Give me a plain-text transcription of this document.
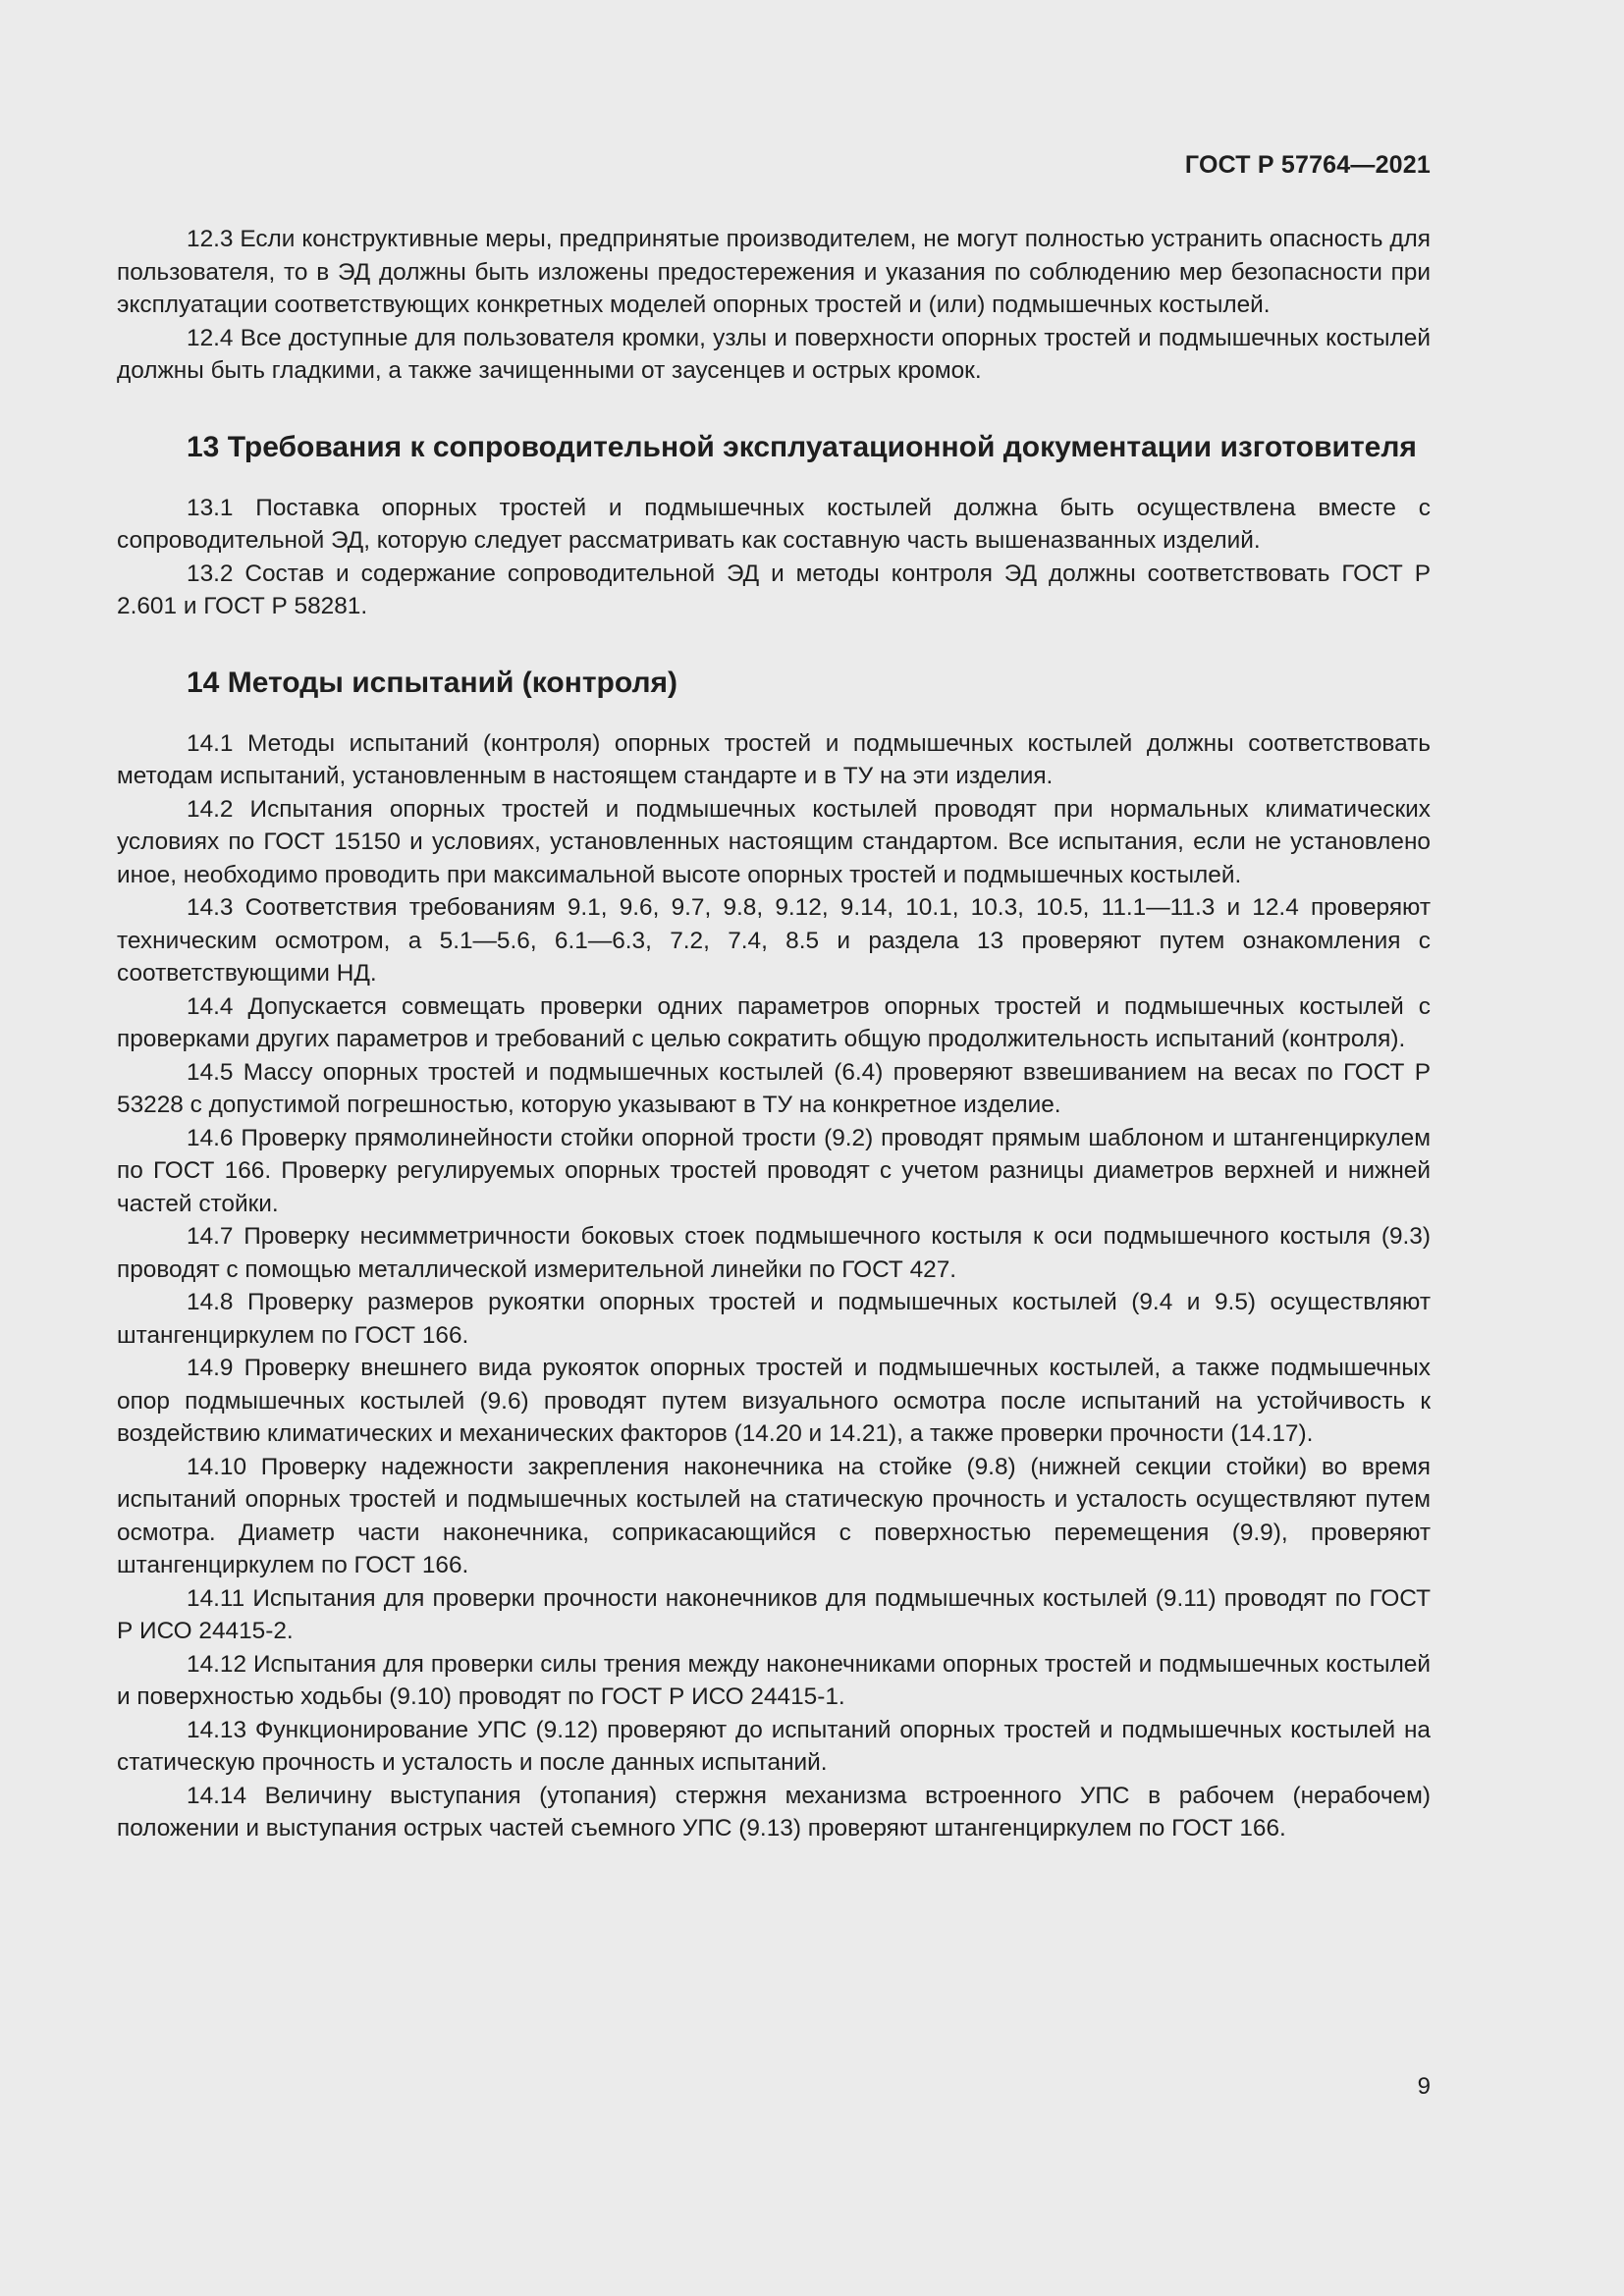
ГОСТ Р 57764—2021

12.3 Если конструктивные меры, предпринятые производителем, не могут полностью устранить опасность для пользователя, то в ЭД должны быть изложены предостережения и указания по соблюдению мер безопасности при эксплуатации соответствующих конкретных моделей опорных тростей и (или) подмышечных костылей.

12.4 Все доступные для пользователя кромки, узлы и поверхности опорных тростей и подмышечных костылей должны быть гладкими, а также зачищенными от заусенцев и острых кромок.

13 Требования к сопроводительной эксплуатационной документации изготовителя

13.1 Поставка опорных тростей и подмышечных костылей должна быть осуществлена вместе с сопроводительной ЭД, которую следует рассматривать как составную часть вышеназванных изделий.

13.2 Состав и содержание сопроводительной ЭД и методы контроля ЭД должны соответствовать ГОСТ Р 2.601 и ГОСТ Р 58281.

14 Методы испытаний (контроля)

14.1 Методы испытаний (контроля) опорных тростей и подмышечных костылей должны соответствовать методам испытаний, установленным в настоящем стандарте и в ТУ на эти изделия.

14.2 Испытания опорных тростей и подмышечных костылей проводят при нормальных климатических условиях по ГОСТ 15150 и условиях, установленных настоящим стандартом. Все испытания, если не установлено иное, необходимо проводить при максимальной высоте опорных тростей и подмышечных костылей.

14.3 Соответствия требованиям 9.1, 9.6, 9.7, 9.8, 9.12, 9.14, 10.1, 10.3, 10.5, 11.1—11.3 и 12.4 проверяют техническим осмотром, а 5.1—5.6, 6.1—6.3, 7.2, 7.4, 8.5 и раздела 13 проверяют путем ознакомления с соответствующими НД.

14.4 Допускается совмещать проверки одних параметров опорных тростей и подмышечных костылей с проверками других параметров и требований с целью сократить общую продолжительность испытаний (контроля).

14.5 Массу опорных тростей и подмышечных костылей (6.4) проверяют взвешиванием на весах по ГОСТ Р 53228 с допустимой погрешностью, которую указывают в ТУ на конкретное изделие.

14.6 Проверку прямолинейности стойки опорной трости (9.2) проводят прямым шаблоном и штангенциркулем по ГОСТ 166. Проверку регулируемых опорных тростей проводят с учетом разницы диаметров верхней и нижней частей стойки.

14.7 Проверку несимметричности боковых стоек подмышечного костыля к оси подмышечного костыля (9.3) проводят с помощью металлической измерительной линейки по ГОСТ 427.

14.8 Проверку размеров рукоятки опорных тростей и подмышечных костылей (9.4 и 9.5) осуществляют штангенциркулем по ГОСТ 166.

14.9 Проверку внешнего вида рукояток опорных тростей и подмышечных костылей, а также подмышечных опор подмышечных костылей (9.6) проводят путем визуального осмотра после испытаний на устойчивость к воздействию климатических и механических факторов (14.20 и 14.21), а также проверки прочности (14.17).

14.10 Проверку надежности закрепления наконечника на стойке (9.8) (нижней секции стойки) во время испытаний опорных тростей и подмышечных костылей на статическую прочность и усталость осуществляют путем осмотра. Диаметр части наконечника, соприкасающийся с поверхностью перемещения (9.9), проверяют штангенциркулем по ГОСТ 166.

14.11 Испытания для проверки прочности наконечников для подмышечных костылей (9.11) проводят по ГОСТ Р ИСО 24415-2.

14.12 Испытания для проверки силы трения между наконечниками опорных тростей и подмышечных костылей и поверхностью ходьбы (9.10) проводят по ГОСТ Р ИСО 24415-1.

14.13 Функционирование УПС (9.12) проверяют до испытаний опорных тростей и подмышечных костылей на статическую прочность и усталость и после данных испытаний.

14.14 Величину выступания (утопания) стержня механизма встроенного УПС в рабочем (нерабочем) положении и выступания острых частей съемного УПС (9.13) проверяют штангенциркулем по ГОСТ 166.

9
